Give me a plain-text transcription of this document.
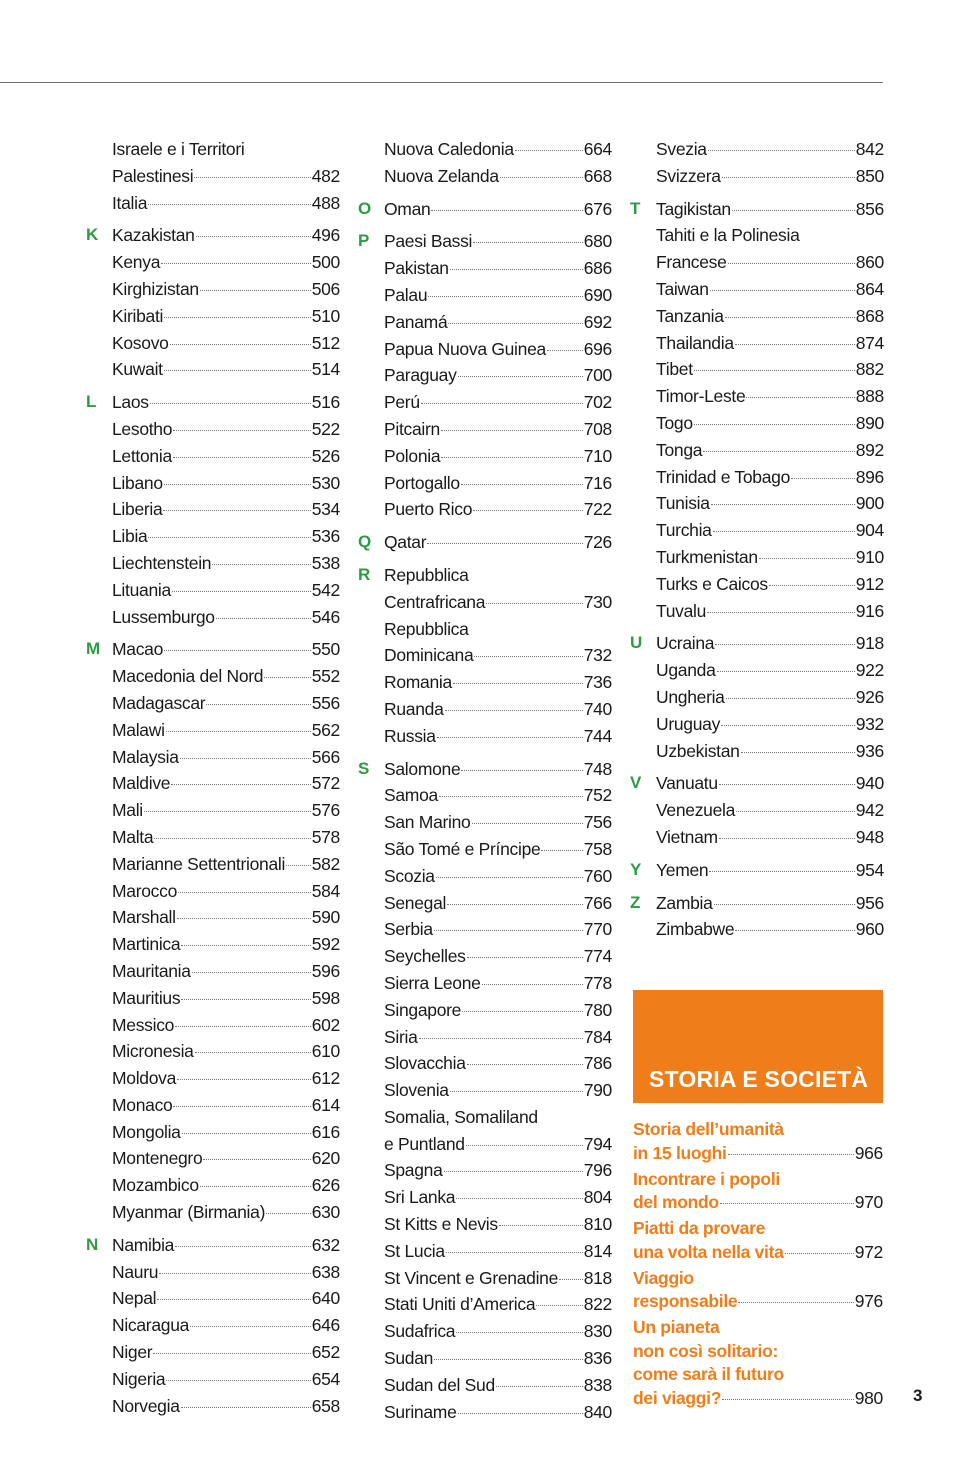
Israele e i Territori
Palestinesi	482
Italia	488
K Kazakistan	496
Kenya	500
Kirghizistan	506
Kiribati	510
Kosovo	512
Kuwait	514
L Laos	516
Lesotho	522
Lettonia	526
Libano	530
Liberia	534
Libia	536
Liechtenstein	538
Lituania	542
Lussemburgo	546
M Macao	550
Macedonia del Nord	552
Madagascar	556
Malawi	562
Malaysia	566
Maldive	572
Mali	576
Malta	578
Marianne Settentrionali 582
Marocco	584
Marshall	590
Martinica	592
Mauritania	596
Mauritius	598
Messico	602
Micronesia	610
Moldova	612
Monaco	614
Mongolia	616
Montenegro	620
Mozambico	626
Myanmar (Birmania)	630
N Namibia	632
Nauru	638
Nepal	640
Nicaragua	646
Niger	652
Nigeria	654
Norvegia	658
Nuova Caledonia	664
Nuova Zelanda	668
O Oman	676
P Paesi Bassi	680
Pakistan	686
Palau	690
Panamá	692
Papua Nuova Guinea 696
Paraguay	700
Perú	702
Pitcairn	708
Polonia	710
Portogallo	716
Puerto Rico	722
Q Qatar	726
R Repubblica
Centrafricana	730
Repubblica
Dominicana	732
Romania	736
Ruanda	740
Russia	744
S Salomone	748
Samoa	752
San Marino	756
São Tomé e Príncipe 758
Scozia	760
Senegal	766
Serbia	770
Seychelles	774
Sierra Leone	778
Singapore	780
Siria	784
Slovacchia	786
Slovenia	790
Somalia, Somaliland
e Puntland	794
Spagna	796
Sri Lanka	804
St Kitts e Nevis	810
St Lucia	814
St Vincent e Grenadine 818
Stati Uniti d’America	822
Sudafrica	830
Sudan	836
Sudan del Sud	838
Suriname	840
Svezia	842
Svizzera	850
T Tagikistan	856
Tahiti e la Polinesia
Francese	860
Taiwan	864
Tanzania	868
Thailandia	874
Tibet	882
Timor-Leste	888
Togo	890
Tonga	892
Trinidad e Tobago	896
Tunisia	900
Turchia	904
Turkmenistan	910
Turks e Caicos	912
Tuvalu	916
U Ucraina	918
Uganda	922
Ungheria	926
Uruguay	932
Uzbekistan	936
V Vanuatu	940
Venezuela	942
Vietnam	948
Y Yemen	954
Z Zambia	956
Zimbabwe	960
STORIA E SOCIETÀ
Storia dell’umanità
in 15 luoghi	966
Incontrare i popoli
del mondo	970
Piatti da provare
una volta nella vita	972
Viaggio
responsabile	976
Un pianeta
non così solitario:
come sarà il futuro
dei viaggi?	980 3
